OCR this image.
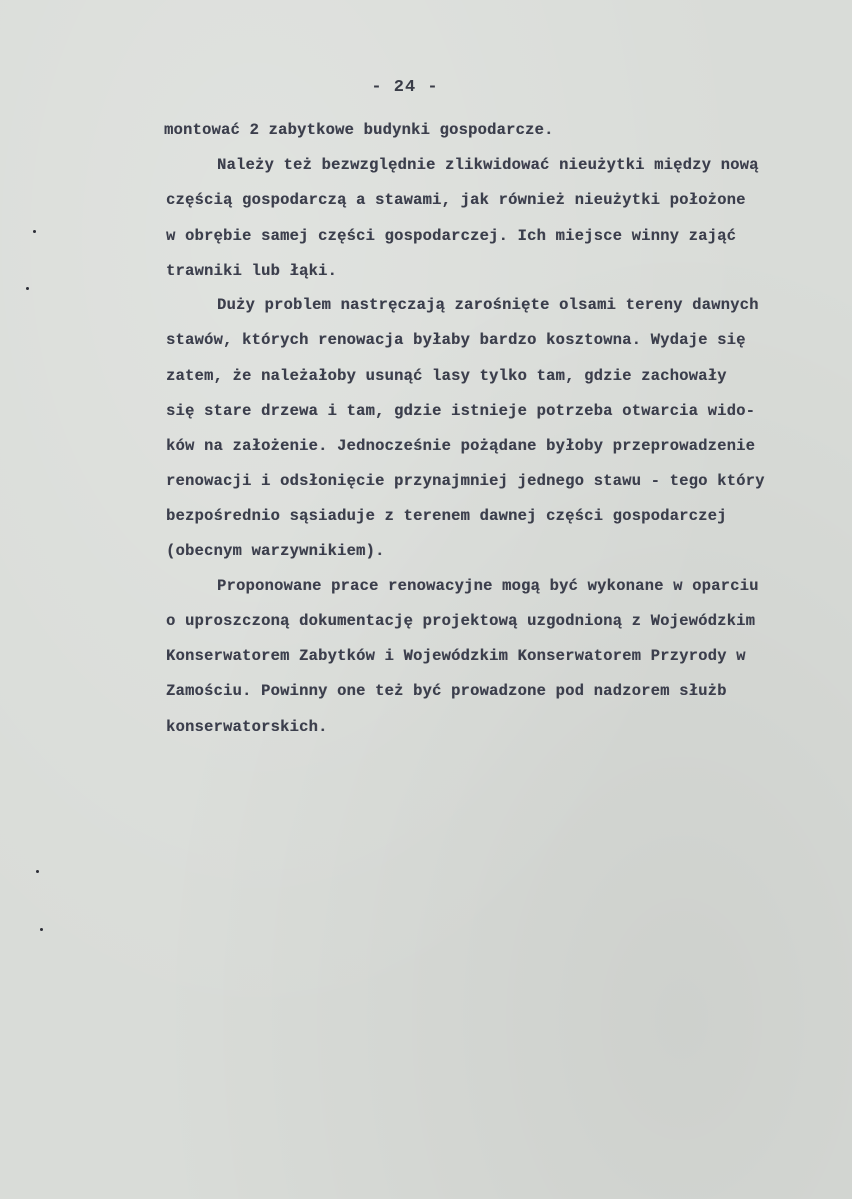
- 24 -
montować 2 zabytkowe budynki gospodarcze.
Należy też bezwzględnie zlikwidować nieużytki między nową
częścią gospodarczą a stawami, jak również nieużytki położone
w obrębie samej części gospodarczej. Ich miejsce winny zająć
trawniki lub łąki.
Duży problem nastręczają zarośnięte olsami tereny dawnych
stawów, których renowacja byłaby bardzo kosztowna. Wydaje się
zatem, że należałoby usunąć lasy tylko tam, gdzie zachowały
się stare drzewa i tam, gdzie istnieje potrzeba otwarcia wido-
ków na założenie. Jednocześnie pożądane byłoby przeprowadzenie
renowacji i odsłonięcie przynajmniej jednego stawu - tego który
bezpośrednio sąsiaduje z terenem dawnej części gospodarczej
(obecnym warzywnikiem).
Proponowane prace renowacyjne mogą być wykonane w oparciu
o uproszczoną dokumentację projektową uzgodnioną z Wojewódzkim
Konserwatorem Zabytków i Wojewódzkim Konserwatorem Przyrody w
Zamościu. Powinny one też być prowadzone pod nadzorem służb
konserwatorskich.
